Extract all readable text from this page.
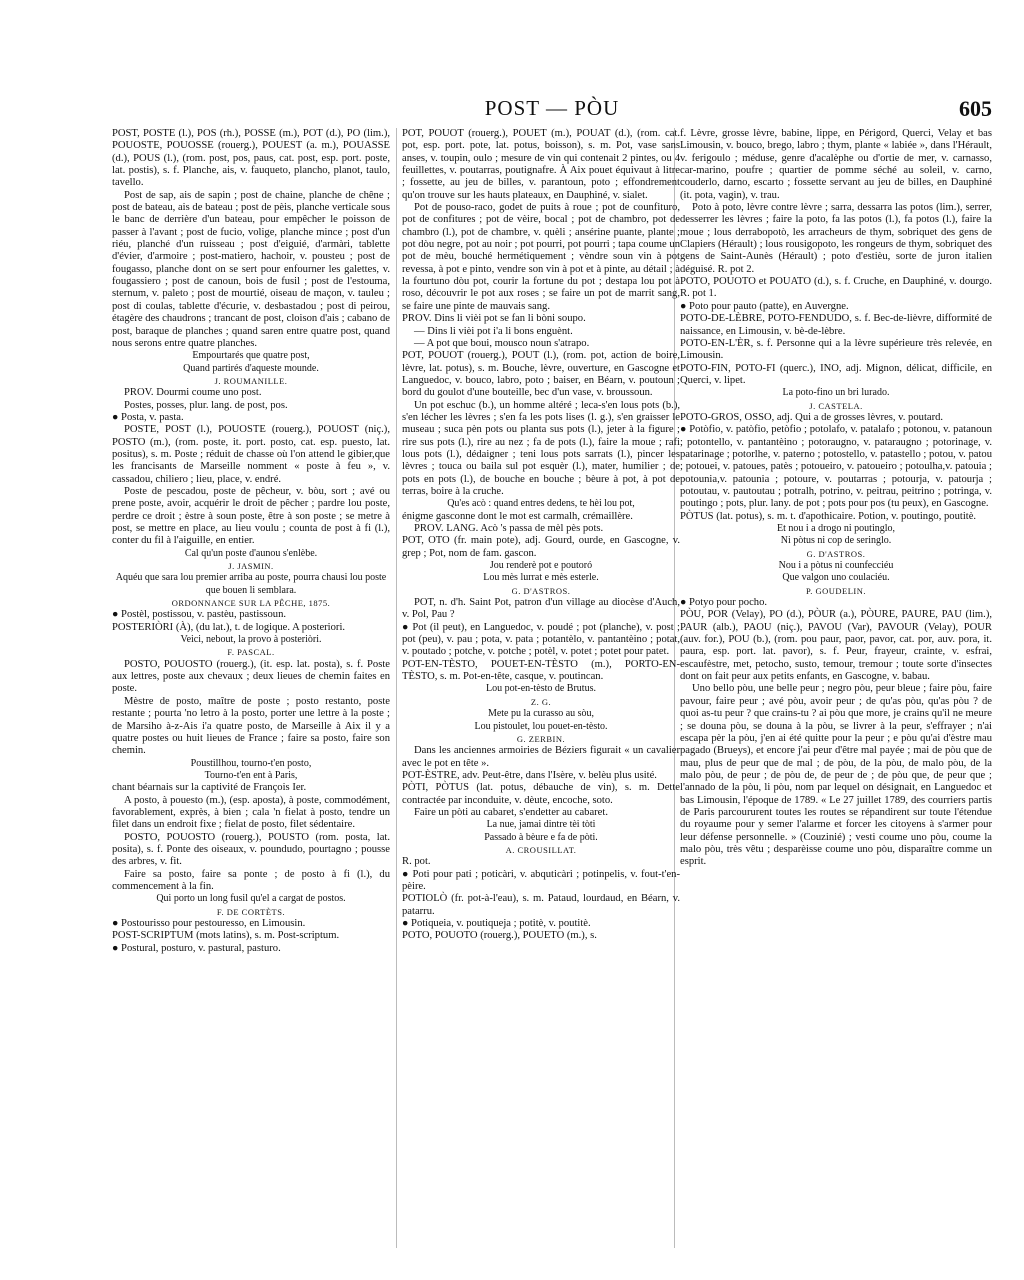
POST — PÒU	605

POST, POSTE (l.), POS (rh.), POSSE (m.), POT (d.), PO (lim.), POUOSTE, POUOSSE (rouerg.), POUEST (a. m.), POUASSE (d.), POUS (l.), (rom. post, pos, paus, cat. post, esp. port. poste, lat. postis), s. f. Planche, ais, v. fauqueto, plancho, planot, taulo, tavello.

Post de sap, ais de sapin ; post de chaine, planche de chêne ; post de bateau, ais de bateau ; post de pèis, planche verticale sous le banc de derrière d'un bateau, pour empêcher le poisson de passer à l'avant ; post de fucio, volige, planche mince ; post d'un riéu, planché d'un ruisseau ; post d'eiguié, d'armàri, tablette d'évier, d'armoire ; post-matiero, hachoir, v. pousteu ; post de fougasso, planche dont on se sert pour enfourner les galettes, v. fougassiero ; post de canoun, bois de fusil ; post de l'estouma, sternum, v. paleto ; post de mourtié, oiseau de maçon, v. tauleu ; post di coulas, tablette d'écurie, v. desbastadou ; post di peirou, étagère des chaudrons ; trancant de post, cloison d'ais ; cabano de post, baraque de planches ; quand saren entre quatre post, quand nous serons entre quatre planches.

Empourtarés que quatre post,

Quand partirés d'aqueste mounde.

J. ROUMANILLE.

PROV. Dourmi coume uno post.

Postes, posses, plur. lang. de post, pos.

● Posta, v. pasta.

POSTE, POST (l.), POUOSTE (rouerg.), POUOST (niç.), POSTO (m.), (rom. poste, it. port. posto, cat. esp. puesto, lat. positus), s. m. Poste ; réduit de chasse où l'on attend le gibier,que les francisants de Marseille nomment « poste à feu », v. cassadou, chiliero ; lieu, place, v. endré.

Poste de pescadou, poste de pêcheur, v. bòu, sort ; avé ou prene poste, avoir, acquérir le droit de pêcher ; pardre lou poste, perdre ce droit ; èstre à soun poste, être à son poste ; se metre à post, se mettre en place, au lieu voulu ; counta de post à fi (l.), conter du fil à l'aiguille, en entier.

Cal qu'un poste d'aunou s'enlèbe.

J. JASMIN.

Aquéu que sara lou premier arriba au poste, pourra chausi lou poste que bouen li semblara.

ORDONNANCE SUR LA PÊCHE, 1875.

● Postèl, postissou, v. pastèu, pastissoun.

POSTERIÒRI (À), (du lat.), t. de logique. A posteriori.

Veici, nebout, la provo à posteriòri.

F. PASCAL.

POSTO, POUOSTO (rouerg.), (it. esp. lat. posta), s. f. Poste aux lettres, poste aux chevaux ; deux lieues de chemin faites en poste.

Mèstre de posto, maître de poste ; posto restanto, poste restante ; pourta 'no letro à la posto, porter une lettre à la poste ; de Marsiho à-z-Ais i'a quatre posto, de Marseille à Aix il y a quatre postes ou huit lieues de France ; faire sa posto, faire son chemin.

Poustillhou, tourno-t'en posto,

Tourno-t'en ent à Paris,

chant béarnais sur la captivité de François Ier.

A posto, à pouesto (m.), (esp. aposta), à poste, commodément, favorablement, exprès, à bien ; cala 'n fielat à posto, tendre un filet dans un endroit fixe ; fielat de posto, filet sédentaire.

POSTO, POUOSTO (rouerg.), POUSTO (rom. posta, lat. posita), s. f. Ponte des oiseaux, v. poundudo, pourtagno ; pousse des arbres, v. fit.

Faire sa posto, faire sa ponte ; de posto à fi (l.), du commencement à la fin.

Qui porto un long fusil qu'el a cargat de postos.

F. DE CORTÈTS.

● Postourisso pour pestouresso, en Limousin.

POST-SCRIPTUM (mots latins), s. m. Post-scriptum.

● Postural, posturo, v. pastural, pasturo.

POT, POUOT (rouerg.), POUET (m.), POUAT (d.), (rom. cat. pot, esp. port. pote, lat. potus, boisson), s. m. Pot, vase sans anses, v. toupin, oulo ; mesure de vin qui contenait 2 pintes, ou 4 feuillettes, v. poutarras, poutignafre. À Aix pouet équivaut à litre ; fossette, au jeu de billes, v. parantoun, poto ; effondrement qu'on trouve sur les hauts plateaux, en Dauphiné, v. sialet.

Pot de pouso-raco, godet de puits à roue ; pot de counfituro, pot de confitures ; pot de vèire, bocal ; pot de chambro, pot de chambro (l.), pot de chambre, v. quèli ; ansérine puante, plante ; pot dòu negre, pot au noir ; pot pourri, pot pourri ; tapa coume un pot de mèu, bouché hermétiquement ; vèndre soun vin à pot revessa, à pot e pinto, vendre son vin à pot et à pinte, au détail ; à la fourtuno dòu pot, courir la fortune du pot ; destapa lou pot à roso, découvrir le pot aux roses ; se faire un pot de marrit sang, se faire une pinte de mauvais sang.

PROV. Dins li vièi pot se fan li bòni soupo.

— Dins li vièi pot i'a li bons enguènt.

— A pot que boui, mousco noun s'atrapo.

POT, POUOT (rouerg.), POUT (l.), (rom. pot, action de boire, lèvre, lat. potus), s. m. Bouche, lèvre, ouverture, en Gascogne et Languedoc, v. bouco, labro, poto ; baiser, en Béarn, v. poutoun ; bord du goulot d'une bouteille, bec d'un vase, v. broussoun.

Un pot eschuc (b.), un homme altéré ; leca-s'en lous pots (b.), s'en lécher les lèvres ; s'en fa les pots lises (l. g.), s'en graisser le museau ; suca pèn pots ou planta sus pots (l.), jeter à la figure ; rire sus pots (l.), rire au nez ; fa de pots (l.), faire la moue ; rafi lous pots (l.), dédaigner ; teni lous pots sarrats (l.), pincer les lèvres ; touca ou baila sul pot esquèr (l.), mater, humilier ; de pots en pots (l.), de bouche en bouche ; bèure à pot, à pot de terras, boire à la cruche.

Qu'es acò : quand entres dedens, te hèi lou pot,

énigme gasconne dont le mot est carmalh, crémaillère.

PROV. LANG. Acò 's passa de mèl pès pots.

POT, OTO (fr. main pote), adj. Gourd, ourde, en Gascogne, v. grep ; Pot, nom de fam. gascon.

Jou renderè pot e poutoró

Lou mès lurrat e mès esterle.

G. D'ASTROS.

POT, n. d'h. Saint Pot, patron d'un village au diocèse d'Auch, v. Pol, Pau ?

● Pot (il peut), en Languedoc, v. poudé ; pot (planche), v. post ; pot (peu), v. pau ; pota, v. pata ; potantèlo, v. pantantèino ; potat, v. poutado ; potche, v. potche ; potèl, v. potet ; potet pour patet.

POT-EN-TÈSTO, POUET-EN-TÈSTO (m.), PORTO-EN-TÈSTO, s. m. Pot-en-tête, casque, v. poutincan.

Lou pot-en-tèsto de Brutus.

Z. G.

Mete pu la curasso au sòu,

Lou pistoulet, lou pouet-en-tèsto.

G. ZERBIN.

Dans les anciennes armoiries de Béziers figurait « un cavalier avec le pot en tête ».

POT-ÈSTRE, adv. Peut-être, dans l'Isère, v. belèu plus usité.

PÒTI, PÒTUS (lat. potus, débauche de vin), s. m. Dette contractée par inconduite, v. dèute, encoche, soto.

Faire un pòti au cabaret, s'endetter au cabaret.

La nue, jamai dintre tèi tòti

Passado à bèure e fa de pòti.

A. CROUSILLAT.

R. pot.

● Poti pour pati ; poticàri, v. abquticàri ; potinpelis, v. fout-t'en-pèire.

POTIOLÒ (fr. pot-à-l'eau), s. m. Pataud, lourdaud, en Béarn, v. patarru.

● Potiqueia, v. poutiqueja ; potitè, v. poutitè.

POTO, POUOTO (rouerg.), POUETO (m.), s.

f. Lèvre, grosse lèvre, babine, lippe, en Périgord, Querci, Velay et bas Limousin, v. bouco, brego, labro ; thym, plante « labiée », dans l'Hérault, v. ferigoulo ; méduse, genre d'acalèphe ou d'ortie de mer, v. carnasso, car-marino, poufre ; quartier de pomme séché au soleil, v. carno, couderlo, darno, escarto ; fossette servant au jeu de billes, en Dauphiné (it. pota, vagin), v. trau.

Poto à poto, lèvre contre lèvre ; sarra, dessarra las potos (lim.), serrer, desserrer les lèvres ; faire la poto, fa las potos (l.), fa potos (l.), faire la moue ; lous derrabopotò, les arracheurs de thym, sobriquet des gens de Clapiers (Hérault) ; lous rousigopoto, les rongeurs de thym, sobriquet des gens de Saint-Aunès (Hérault) ; poto d'estièu, sorte de juron italien déguisé. R. pot 2.

POTO, POUOTO et POUATO (d.), s. f. Cruche, en Dauphiné, v. dourgo. R. pot 1.

● Poto pour pauto (patte), en Auvergne.

POTO-DE-LÈBRE, POTO-FENDUDO, s. f. Bec-de-lièvre, difformité de naissance, en Limousin, v. bè-de-lèbre.

POTO-EN-L'ÈR, s. f. Personne qui a la lèvre supérieure très relevée, en Limousin.

POTO-FIN, POTO-FI (querc.), INO, adj. Mignon, délicat, difficile, en Querci, v. lipet.

La poto-fino un bri lurado.

J. CASTELA.

POTO-GROS, OSSO, adj. Qui a de grosses lèvres, v. poutard.

● Potòfio, v. patòfio, petòfio ; potolafo, v. patalafo ; potonou, v. patanoun ; potontello, v. pantantèino ; potoraugno, v. pataraugno ; potorinage, v. patarinage ; potorlhe, v. paterno ; potostello, v. patastello ; potou, v. patou ; potouei, v. patoues, patès ; potoueiro, v. patoueiro ; potoulha,v. patouia ; potounia,v. patounia ; potoure, v. poutarras ; potourja, v. patourja ; potoutau, v. pautoutau ; potralh, potrino, v. peitrau, peitrino ; potringa, v. poutingo ; pots, plur. lany. de pot ; pots pour pos (tu peux), en Gascogne.

PÒTUS (lat. potus), s. m. t. d'apothicaire. Potion, v. poutingo, poutitè.

Et nou i a drogo ni poutinglo,

Ni pòtus ni cop de seringlo.

G. D'ASTROS.

Nou i a pòtus ni counfecciéu

Que valgon uno coulaciéu.

P. GOUDELIN.

● Potyo pour pocho.

PÒU, POR (Velay), PO (d.), PÒUR (a.), PÒURE, PAURE, PAU (lim.), PAUR (alb.), PAOU (niç.), PAVOU (Var), PAVOUR (Velay), POUR (auv. for.), POU (b.), (rom. pou paur, paor, pavor, cat. por, auv. pora, it. paura, esp. port. lat. pavor), s. f. Peur, frayeur, crainte, v. esfrai, escaufèstre, met, petocho, susto, temour, tremour ; toute sorte d'insectes dont on fait peur aux petits enfants, en Gascogne, v. babau.

Uno bello pòu, une belle peur ; negro pòu, peur bleue ; faire pòu, faire pavour, faire peur ; avé pòu, avoir peur ; de qu'as pòu, qu'as pòu ? de quoi as-tu peur ? que crains-tu ? ai pòu que more, je crains qu'il ne meure ; se douna pòu, se douna à la pòu, se livrer à la peur, s'effrayer ; n'ai escapa pèr la pòu, j'en ai été quitte pour la peur ; e pòu qu'ai d'èstre mau pagado (Brueys), et encore j'ai peur d'être mal payée ; mai de pòu que de mau, plus de peur que de mal ; de pòu, de la pòu, de malo pòu, de la malo pòu, de peur ; de pòu de, de peur de ; de pòu que, de peur que ; l'annado de la pòu, li pòu, nom par lequel on désignait, en Languedoc et bas Limousin, l'époque de 1789. « Le 27 juillet 1789, des courriers partis de Paris parcoururent toutes les routes se répandirent sur toute l'étendue du royaume pour y semer l'alarme et forcer les citoyens à s'armer pour leur défense personnelle. » (Couzinié) ; vesti coume uno pòu, coume la malo pòu, très vêtu ; desparèisse coume uno pòu, disparaître comme un esprit.
